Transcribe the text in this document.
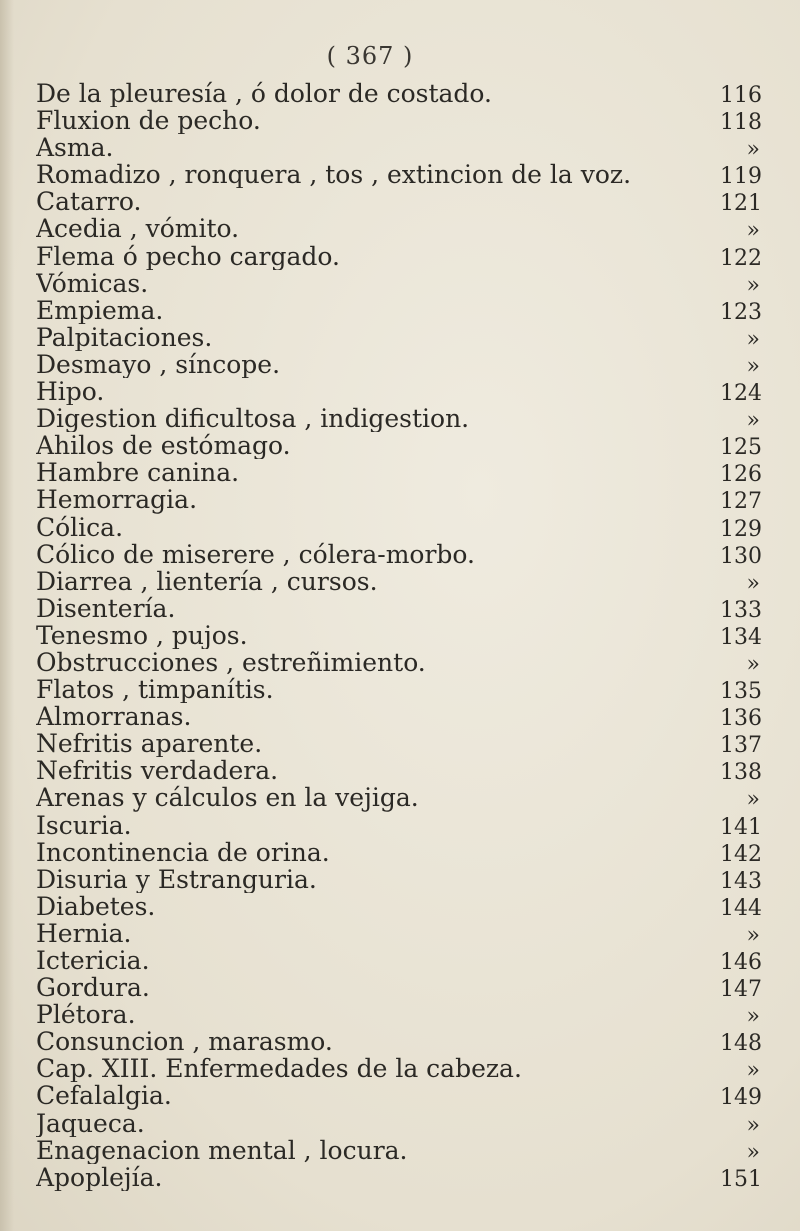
( 367 )
De la pleuresía , ó dolor de costado.	116
Fluxion de pecho.	118
Asma.	»
Romadizo , ronquera , tos , extincion de la voz.	119
Catarro.	121
Acedia , vómito.	»
Flema ó pecho cargado.	122
Vómicas.	»
Empiema.	123
Palpitaciones.	»
Desmayo , síncope.	»
Hipo.	124
Digestion dificultosa , indigestion.	»
Ahilos de estómago.	125
Hambre canina.	126
Hemorragia.	127
Cólica.	129
Cólico de miserere , cólera-morbo.	130
Diarrea , lientería , cursos.	»
Disentería.	133
Tenesmo , pujos.	134
Obstrucciones , estreñimiento.	»
Flatos , timpanítis.	135
Almorranas.	136
Nefritis aparente.	137
Nefritis verdadera.	138
Arenas y cálculos en la vejiga.	»
Iscuria.	141
Incontinencia de orina.	142
Disuria y Estranguria.	143
Diabetes.	144
Hernia.	»
Ictericia.	146
Gordura.	147
Plétora.	»
Consuncion , marasmo.	148
Cap. XIII. Enfermedades de la cabeza.	»
Cefalalgia.	149
Jaqueca.	»
Enagenacion mental , locura.	»
Apoplejía.	151
